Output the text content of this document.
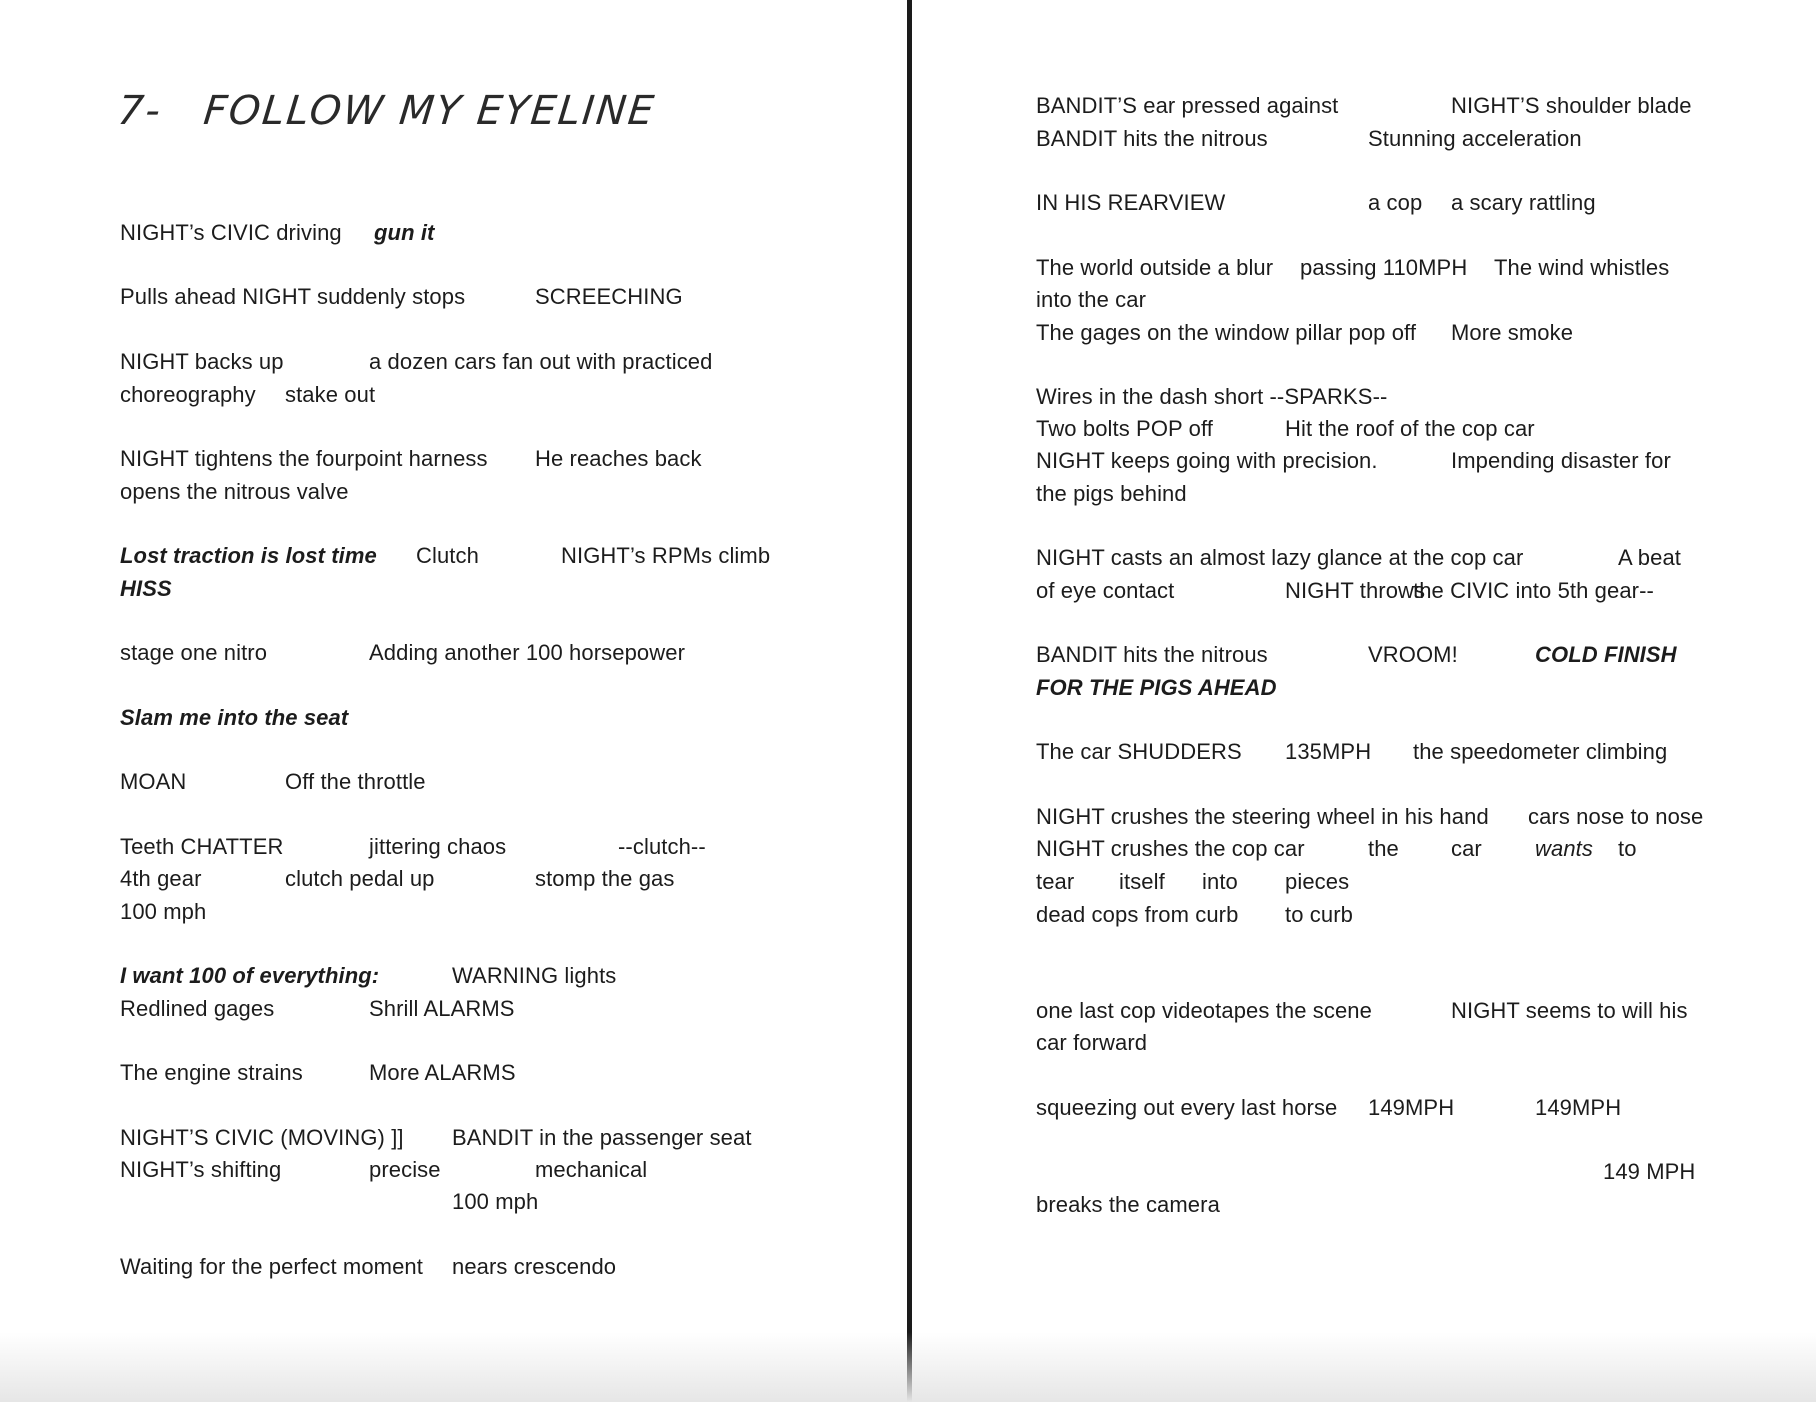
7- FOLLOW MY EYELINE
NIGHT’s CIVIC driving gun it
Pulls ahead NIGHT suddenly stops	SCREECHING
NIGHT backs up	a dozen cars fan out with practiced
choreography stake out
NIGHT tightens the fourpoint harness He reaches back
opens the nitrous valve
Lost traction is lost time Clutch	NIGHT’s RPMs climb
HISS
stage one nitro	Adding another 100 horsepower
Slam me into the seat
MOAN	Off the throttle
Teeth CHATTER	jittering chaos	--clutch--
4th gear	clutch pedal up	stomp the gas
100 mph
I want 100 of everything:	WARNING lights
Redlined gages	Shrill ALARMS
The engine strains	More ALARMS
NIGHT’S CIVIC (MOVING) ]] BANDIT in the passenger seat
NIGHT’s shifting	precise	mechanical
100 mph
Waiting for the perfect moment nears crescendo
BANDIT’S ear pressed against	NIGHT’S shoulder blade
BANDIT hits the nitrous	Stunning acceleration
IN HIS REARVIEW	a cop a scary rattling
The world outside a blur passing 110MPH The wind whistles
into the car
The gages on the window pillar pop off More smoke
Wires in the dash short --SPARKS--
Two bolts POP off	Hit the roof of the cop car
NIGHT keeps going with precision.	Impending disaster for
the pigs behind
NIGHT casts an almost lazy glance at the cop car	A beat
of eye contact	NIGHT throws
the CIVIC into 5th gear--
BANDIT hits the nitrous	VROOM!	COLD FINISH
FOR THE PIGS AHEAD
The car SHUDDERS 135MPH the speedometer climbing
NIGHT crushes the steering wheel in his hand cars nose to nose
NIGHT crushes the cop car	the car wants to
tear itself into pieces
dead cops from curb to curb
one last cop videotapes the scene	NIGHT seems to will his
car forward
squeezing out every last horse 149MPH	149MPH
149 MPH
breaks the camera
